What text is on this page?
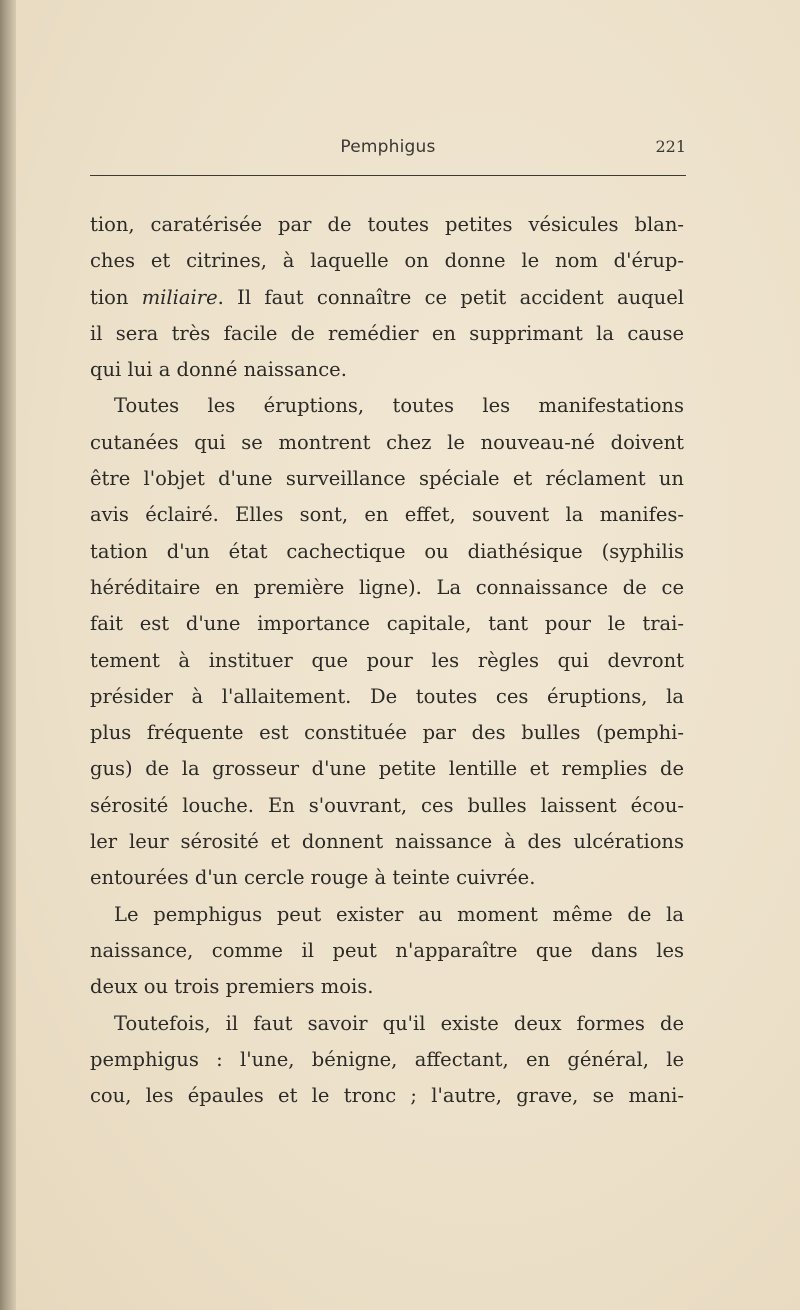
Pemphigus	221
tion, caratérisée par de toutes petites vésicules blan-
ches et citrines, à laquelle on donne le nom d'érup-
tion miliaire. Il faut connaître ce petit accident auquel
il sera très facile de remédier en supprimant la cause
qui lui a donné naissance.
Toutes les éruptions, toutes les manifestations
cutanées qui se montrent chez le nouveau-né doivent
être l'objet d'une surveillance spéciale et réclament un
avis éclairé. Elles sont, en effet, souvent la manifes-
tation d'un état cachectique ou diathésique (syphilis
héréditaire en première ligne). La connaissance de ce
fait est d'une importance capitale, tant pour le trai-
tement à instituer que pour les règles qui devront
présider à l'allaitement. De toutes ces éruptions, la
plus fréquente est constituée par des bulles (pemphi-
gus) de la grosseur d'une petite lentille et remplies de
sérosité louche. En s'ouvrant, ces bulles laissent écou-
ler leur sérosité et donnent naissance à des ulcérations
entourées d'un cercle rouge à teinte cuivrée.
Le pemphigus peut exister au moment même de la
naissance, comme il peut n'apparaître que dans les
deux ou trois premiers mois.
Toutefois, il faut savoir qu'il existe deux formes de
pemphigus : l'une, bénigne, affectant, en général, le
cou, les épaules et le tronc ; l'autre, grave, se mani-
